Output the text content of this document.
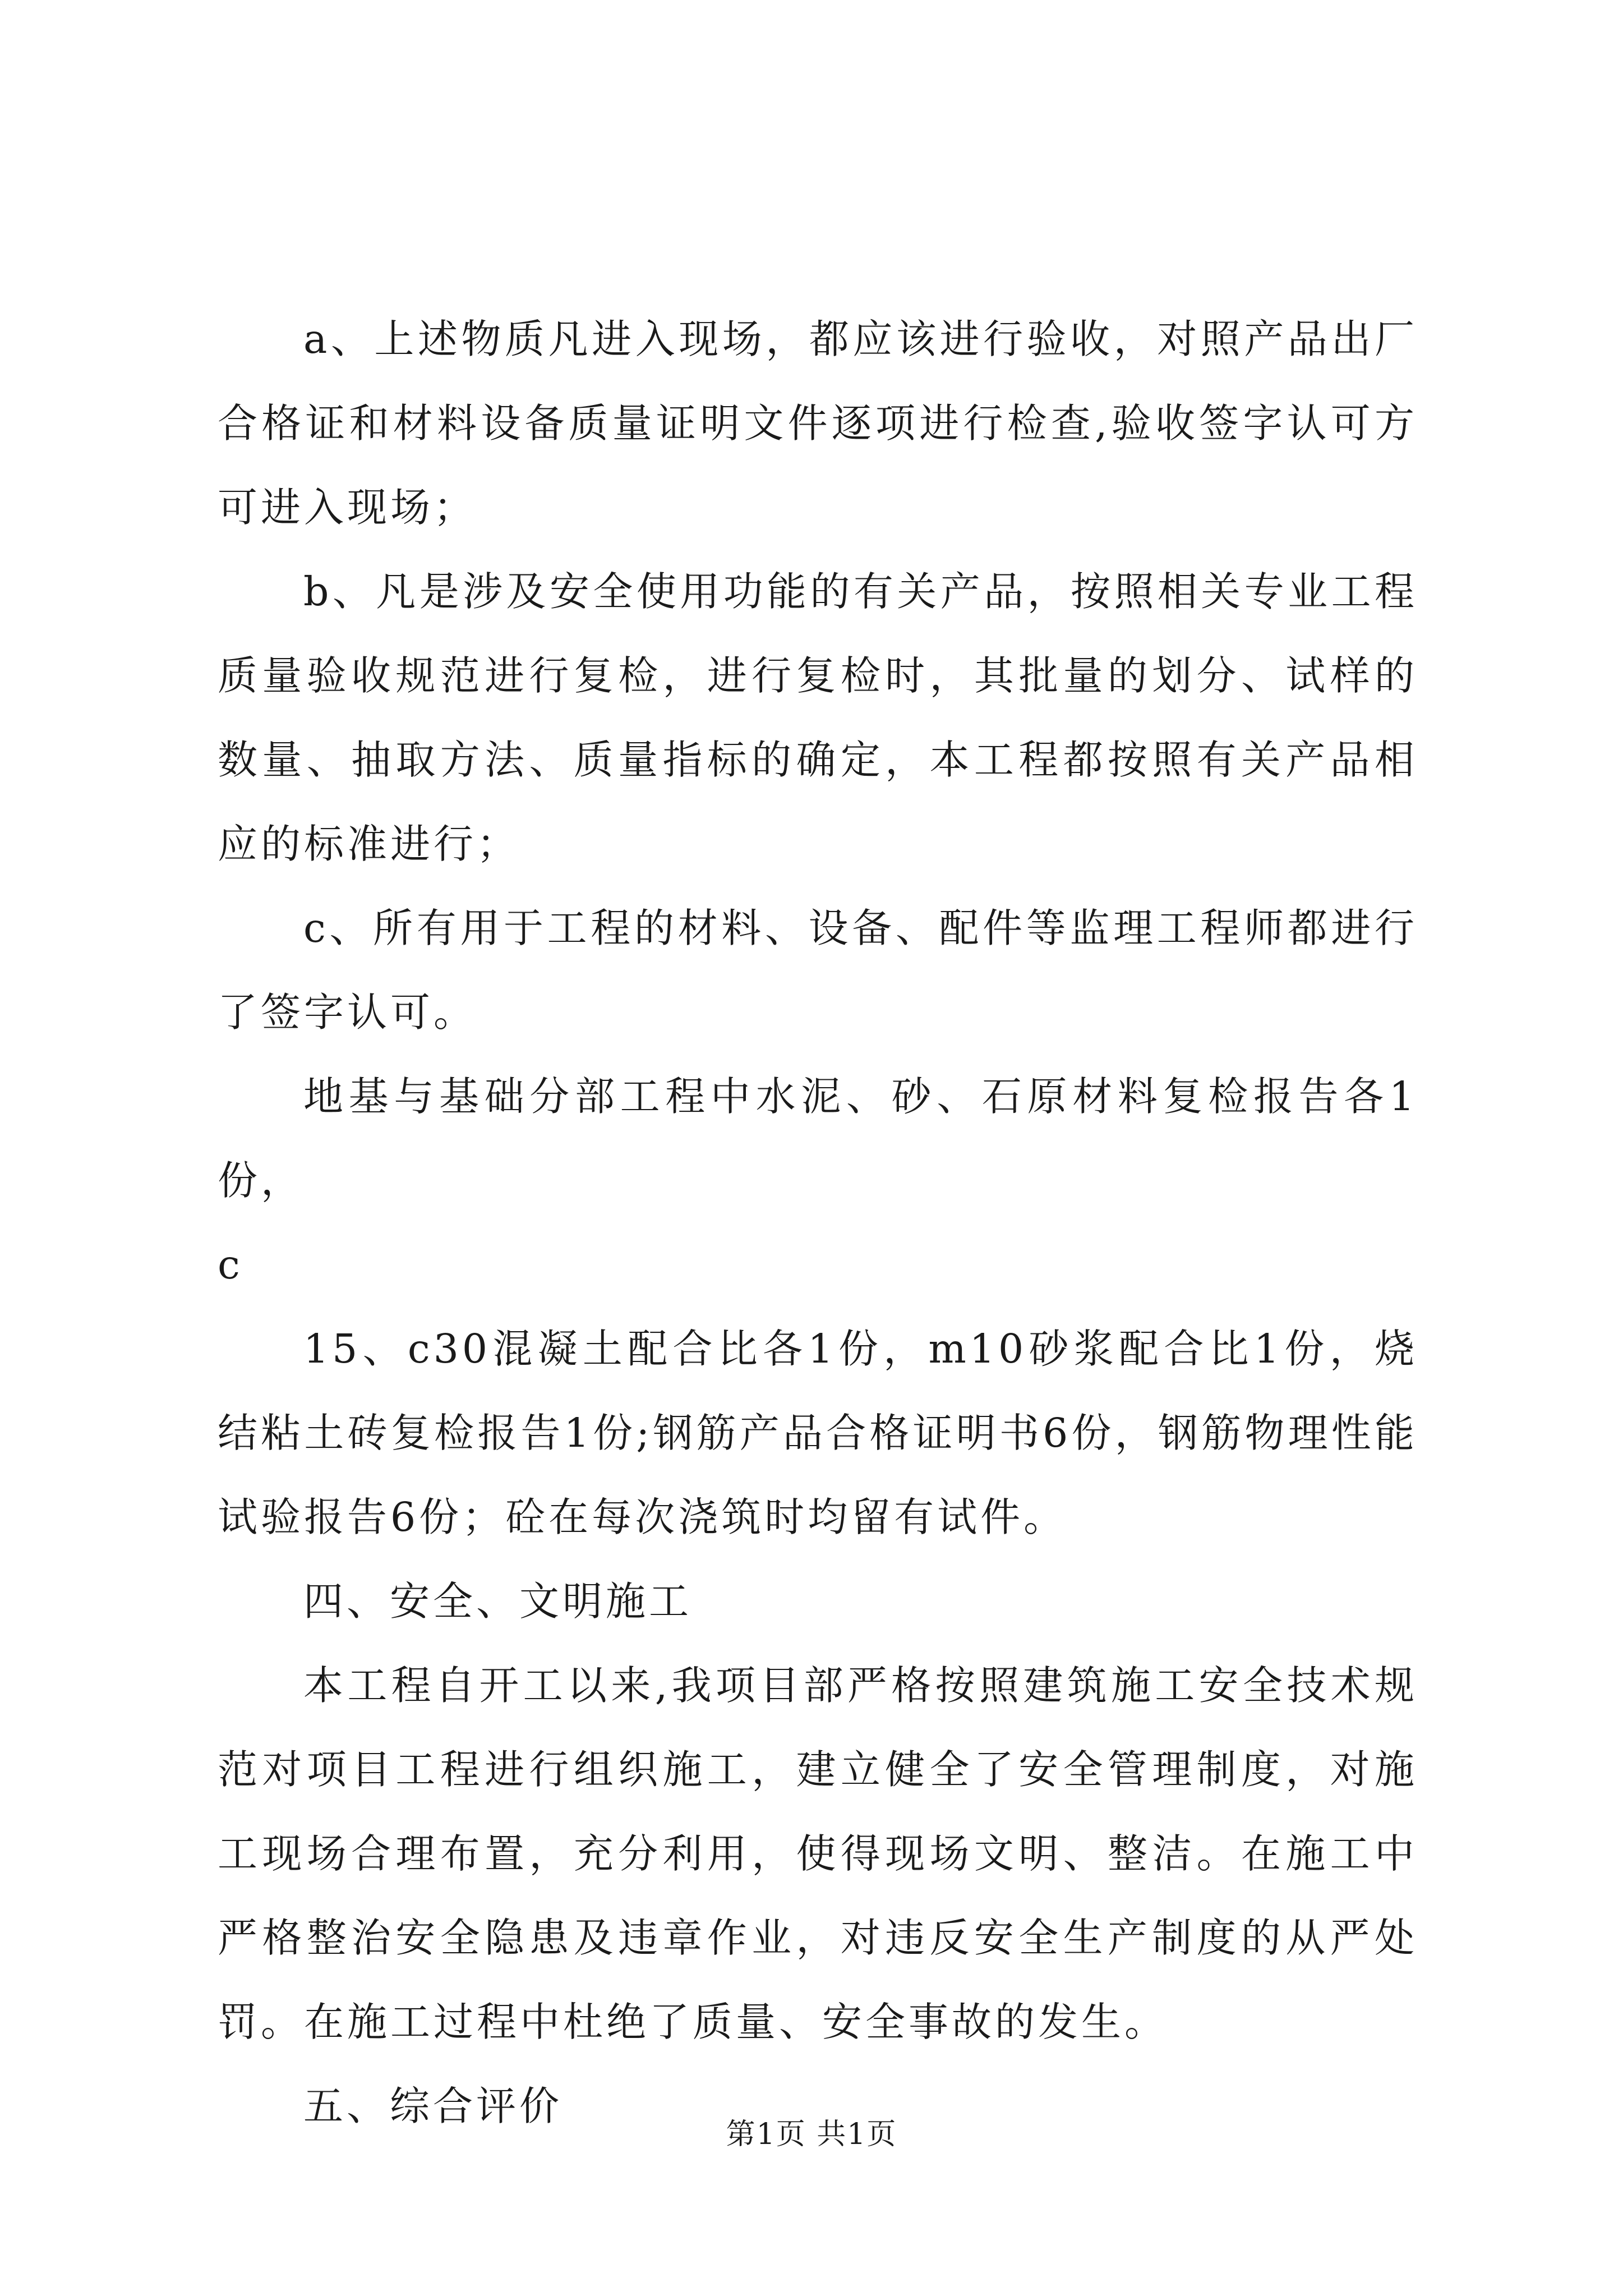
a、上述物质凡进入现场，都应该进行验收，对照产品出厂合格证和材料设备质量证明文件逐项进行检查,验收签字认可方可进入现场；

b、凡是涉及安全使用功能的有关产品，按照相关专业工程质量验收规范进行复检，进行复检时，其批量的划分、试样的数量、抽取方法、质量指标的确定，本工程都按照有关产品相应的标准进行；

c、所有用于工程的材料、设备、配件等监理工程师都进行了签字认可。

地基与基础分部工程中水泥、砂、石原材料复检报告各1份，

c

15、c30混凝土配合比各1份，m10砂浆配合比1份，烧结粘土砖复检报告1份;钢筋产品合格证明书6份，钢筋物理性能试验报告6份；砼在每次浇筑时均留有试件。

四、安全、文明施工

本工程自开工以来,我项目部严格按照建筑施工安全技术规范对项目工程进行组织施工，建立健全了安全管理制度，对施工现场合理布置，充分利用，使得现场文明、整洁。在施工中严格整治安全隐患及违章作业，对违反安全生产制度的从严处罚。在施工过程中杜绝了质量、安全事故的发生。

五、综合评价

第1页 共1页
